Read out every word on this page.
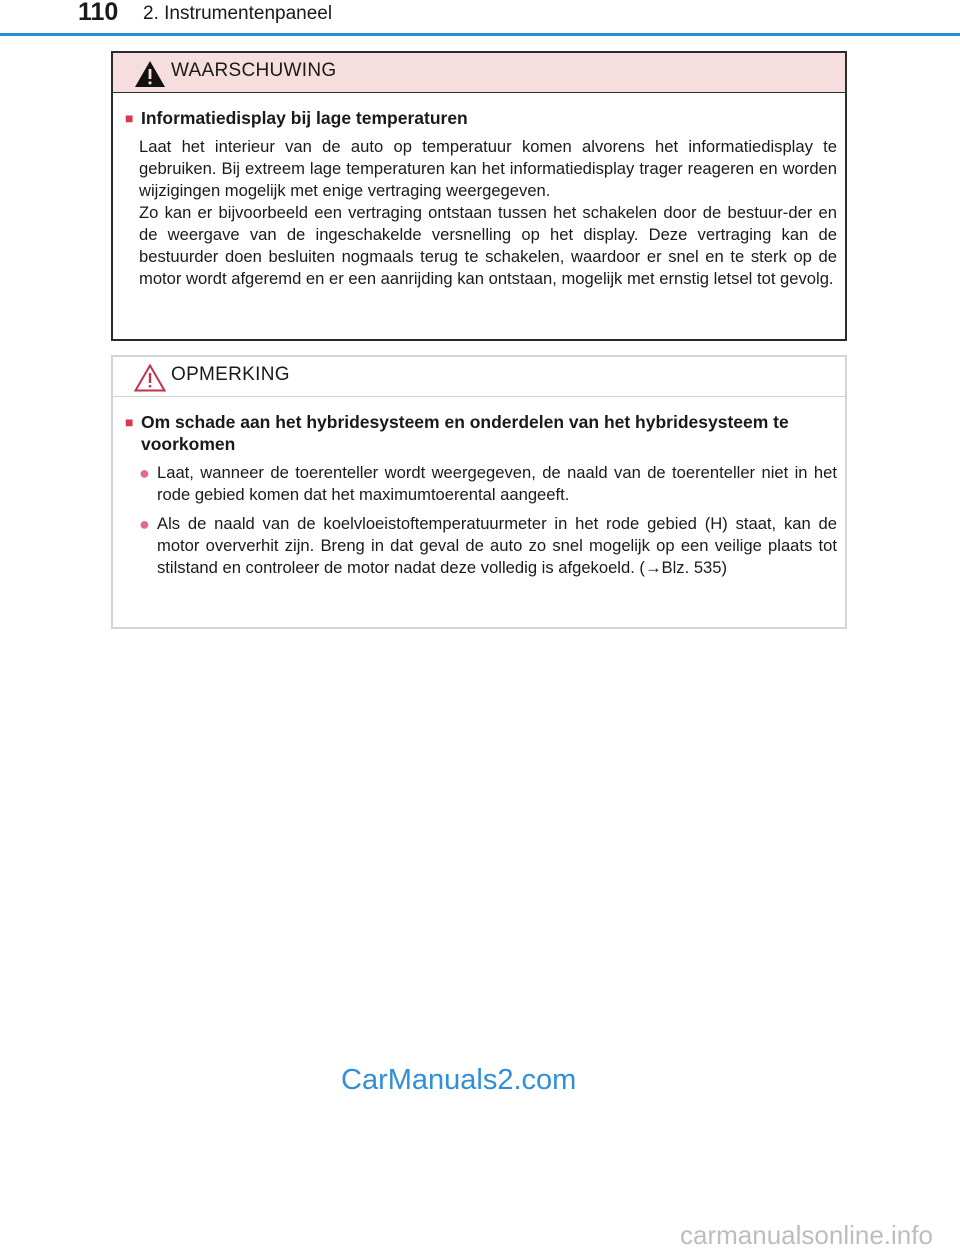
110 2. Instrumentenpaneel
WAARSCHUWING
■ Informatiedisplay bij lage temperaturen
Laat het interieur van de auto op temperatuur komen alvorens het informatiedisplay te gebruiken. Bij extreem lage temperaturen kan het informatiedisplay trager reageren en worden wijzigingen mogelijk met enige vertraging weergegeven.
Zo kan er bijvoorbeeld een vertraging ontstaan tussen het schakelen door de bestuur-der en de weergave van de ingeschakelde versnelling op het display. Deze vertraging kan de bestuurder doen besluiten nogmaals terug te schakelen, waardoor er snel en te sterk op de motor wordt afgeremd en er een aanrijding kan ontstaan, mogelijk met ernstig letsel tot gevolg.
OPMERKING
■ Om schade aan het hybridesysteem en onderdelen van het hybridesysteem te voorkomen
● Laat, wanneer de toerenteller wordt weergegeven, de naald van de toerenteller niet in het rode gebied komen dat het maximumtoerental aangeeft.
● Als de naald van de koelvloeistoftemperatuurmeter in het rode gebied (H) staat, kan de motor oververhit zijn. Breng in dat geval de auto zo snel mogelijk op een veilige plaats tot stilstand en controleer de motor nadat deze volledig is afgekoeld. (→Blz. 535)
CarManuals2.com
carmanualsonline.info
